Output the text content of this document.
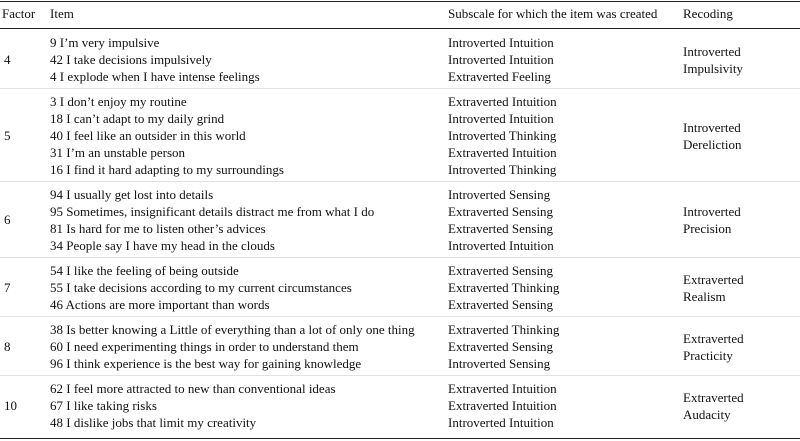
Factor Item	Subscale for which the item was created Recoding
4
9 I’m very impulsive
42 I take decisions impulsively
4 I explode when I have intense feelings
Introverted Intuition
Introverted Intuition
Extraverted Feeling
Introverted
Impulsivity
5
3 I don’t enjoy my routine
18 I can’t adapt to my daily grind
40 I feel like an outsider in this world
31 I’m an unstable person
16 I find it hard adapting to my surroundings
Extraverted Intuition
Introverted Intuition
Introverted Thinking
Extraverted Intuition
Introverted Thinking
Introverted
Dereliction
6
94 I usually get lost into details
95 Sometimes, insignificant details distract me from what I do
81 Is hard for me to listen other’s advices
34 People say I have my head in the clouds
Introverted Sensing
Extraverted Sensing
Extraverted Sensing
Introverted Intuition
Introverted
Precision
7
54 I like the feeling of being outside
55 I take decisions according to my current circumstances
46 Actions are more important than words
Extraverted Sensing
Extraverted Thinking
Extraverted Sensing
Extraverted
Realism
8
38 Is better knowing a Little of everything than a lot of only one thing
60 I need experimenting things in order to understand them
96 I think experience is the best way for gaining knowledge
Extraverted Thinking
Extraverted Sensing
Introverted Sensing
Extraverted
Practicity
10
62 I feel more attracted to new than conventional ideas
67 I like taking risks
48 I dislike jobs that limit my creativity
Extraverted Intuition
Extraverted Intuition
Introverted Intuition
Extraverted
Audacity
